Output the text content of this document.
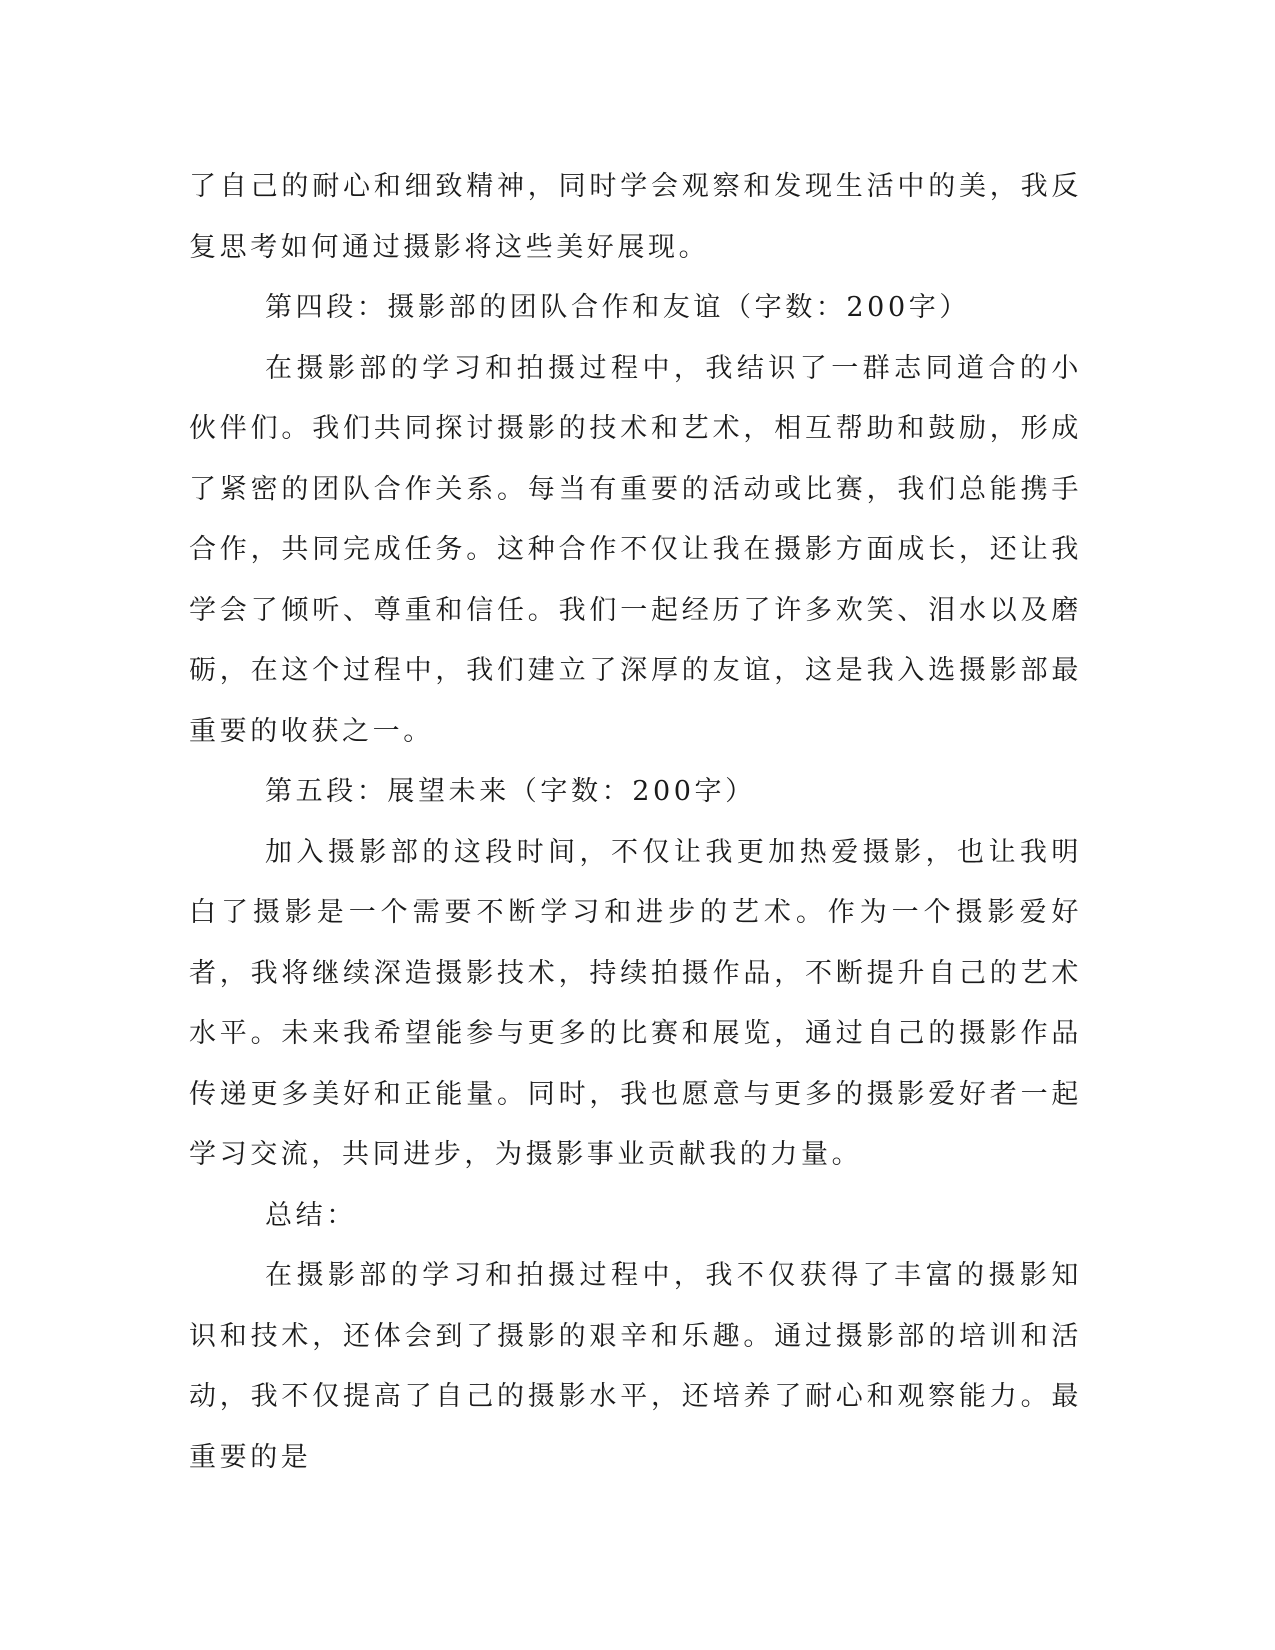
了自己的耐心和细致精神，同时学会观察和发现生活中的美，我反复思考如何通过摄影将这些美好展现。

第四段：摄影部的团队合作和友谊（字数：200字）

在摄影部的学习和拍摄过程中，我结识了一群志同道合的小伙伴们。我们共同探讨摄影的技术和艺术，相互帮助和鼓励，形成了紧密的团队合作关系。每当有重要的活动或比赛，我们总能携手合作，共同完成任务。这种合作不仅让我在摄影方面成长，还让我学会了倾听、尊重和信任。我们一起经历了许多欢笑、泪水以及磨砺，在这个过程中，我们建立了深厚的友谊，这是我入选摄影部最重要的收获之一。

第五段：展望未来（字数：200字）

加入摄影部的这段时间，不仅让我更加热爱摄影，也让我明白了摄影是一个需要不断学习和进步的艺术。作为一个摄影爱好者，我将继续深造摄影技术，持续拍摄作品，不断提升自己的艺术水平。未来我希望能参与更多的比赛和展览，通过自己的摄影作品传递更多美好和正能量。同时，我也愿意与更多的摄影爱好者一起学习交流，共同进步，为摄影事业贡献我的力量。

总结：

在摄影部的学习和拍摄过程中，我不仅获得了丰富的摄影知识和技术，还体会到了摄影的艰辛和乐趣。通过摄影部的培训和活动，我不仅提高了自己的摄影水平，还培养了耐心和观察能力。最重要的是
